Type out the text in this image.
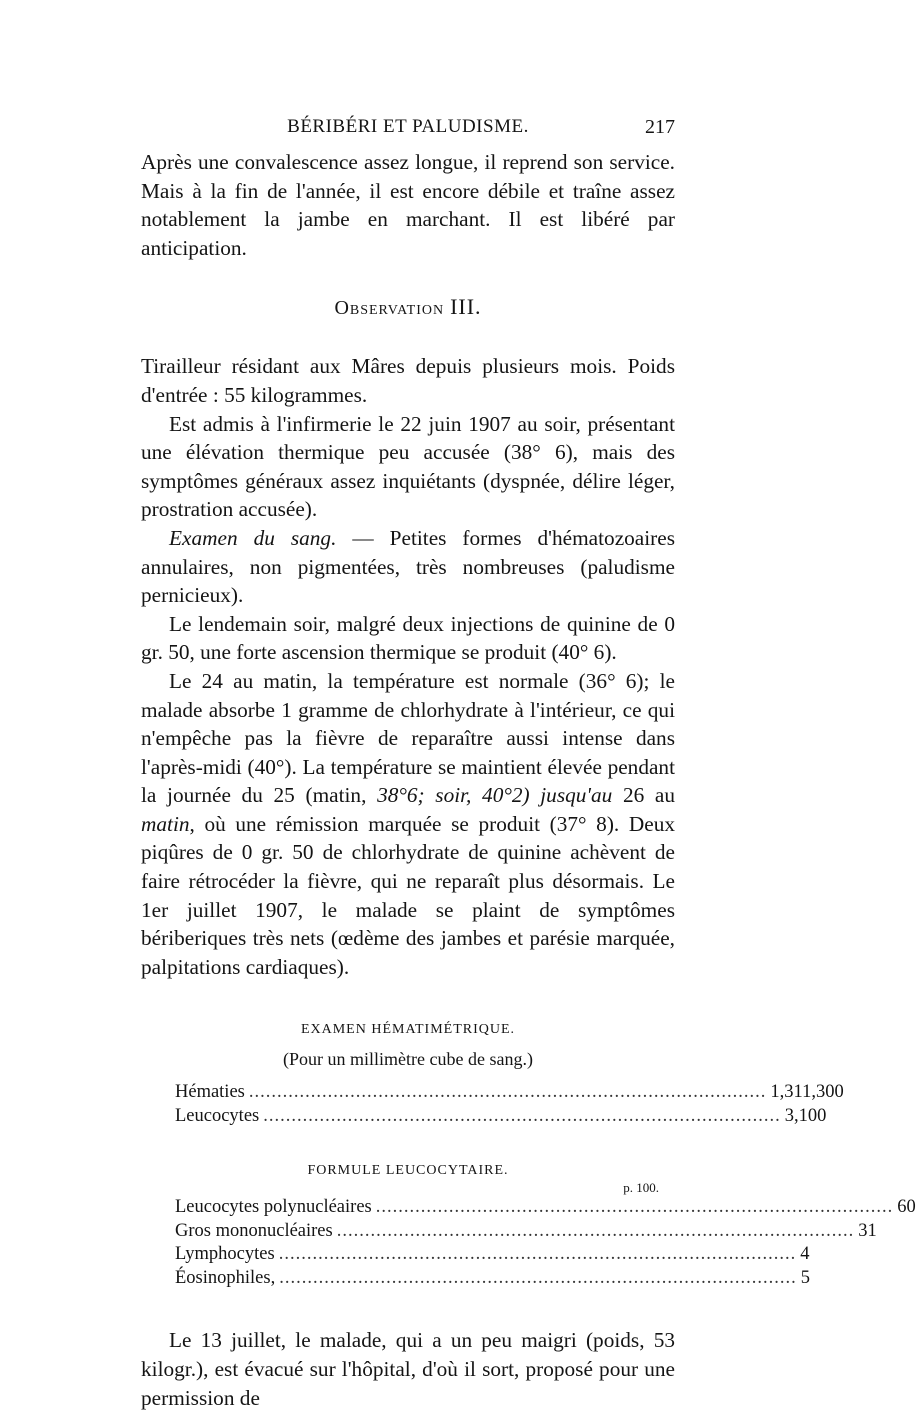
BÉRIBÉRI ET PALUDISME.	217

Après une convalescence assez longue, il reprend son service. Mais à la fin de l'année, il est encore débile et traîne assez notablement la jambe en marchant. Il est libéré par anticipation.

Observation III.

Tirailleur résidant aux Mâres depuis plusieurs mois. Poids d'entrée : 55 kilogrammes.

Est admis à l'infirmerie le 22 juin 1907 au soir, présentant une élévation thermique peu accusée (38° 6), mais des symptômes généraux assez inquiétants (dyspnée, délire léger, prostration accusée).

Examen du sang. — Petites formes d'hématozoaires annulaires, non pigmentées, très nombreuses (paludisme pernicieux).

Le lendemain soir, malgré deux injections de quinine de 0 gr. 50, une forte ascension thermique se produit (40° 6).

Le 24 au matin, la température est normale (36° 6); le malade absorbe 1 gramme de chlorhydrate à l'intérieur, ce qui n'empêche pas la fièvre de reparaître aussi intense dans l'après-midi (40°). La température se maintient élevée pendant la journée du 25 (matin, 38°6; soir, 40°2) jusqu'au 26 au matin, où une rémission marquée se produit (37° 8). Deux piqûres de 0 gr. 50 de chlorhydrate de quinine achèvent de faire rétrocéder la fièvre, qui ne reparaît plus désormais. Le 1er juillet 1907, le malade se plaint de symptômes bériberiques très nets (œdème des jambes et parésie marquée, palpitations cardiaques).

EXAMEN HÉMATIMÉTRIQUE.
(Pour un millimètre cube de sang.)
Hématies ............................................................................................ 1,311,300
Leucocytes ............................................................................................ 3,100
FORMULE LEUCOCYTAIRE.
p. 100.
Leucocytes polynucléaires ............................................................................................ 60
Gros mononucléaires ............................................................................................ 31
Lymphocytes ............................................................................................ 4
Éosinophiles, ............................................................................................ 5

Le 13 juillet, le malade, qui a un peu maigri (poids, 53 kilogr.), est évacué sur l'hôpital, d'où il sort, proposé pour une permission de
